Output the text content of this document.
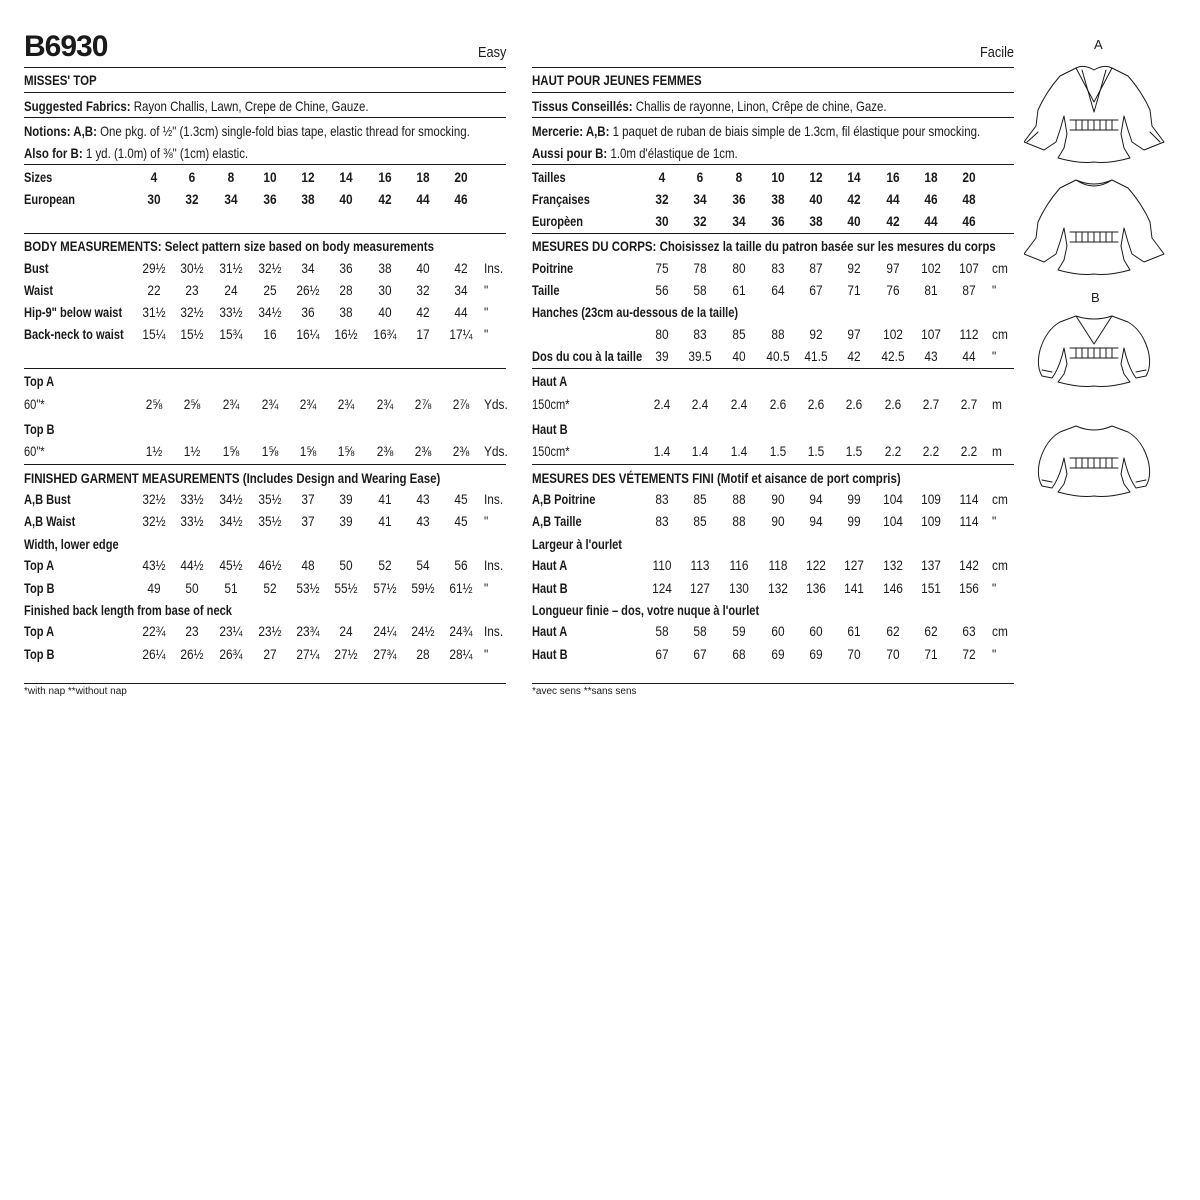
B6930	Easy
MISSES' TOP
Suggested Fabrics: Rayon Challis, Lawn, Crepe de Chine, Gauze.
Notions: A,B: One pkg. of ½" (1.3cm) single-fold bias tape, elastic thread for smocking.
Also for B: 1 yd. (1.0m) of ⅜" (1cm) elastic.
BODY MEASUREMENTS: Select pattern size based on body measurements
FINISHED GARMENT MEASUREMENTS (Includes Design and Wearing Ease)
Sizes	4	6	8	10	12	14	16	18	20
European	30	32	34	36	38	40	42	44	46
Bust	29½	30½	31½	32½	34	36	38	40	42	Ins.
Waist	22	23	24	25	26½	28	30	32	34	"
Hip-9" below waist	31½	32½	33½	34½	36	38	40	42	44	"
Back-neck to waist	15¼	15½	15¾	16	16¼	16½	16¾	17	17¼ "
Top A
60"*	2⅝	2⅝	2¾	2¾	2¾	2¾	2¾	2⅞	2⅞	Yds.
Top B
60"*	1½	1½	1⅝	1⅝	1⅝	1⅝	2⅜	2⅜	2⅜	Yds.
A,B Bust	32½	33½	34½	35½	37	39	41	43	45	Ins.
A,B Waist	32½	33½	34½	35½	37	39	41	43	45	"
Width, lower edge
Top A	43½	44½	45½	46½	48	50	52	54	56	Ins.
Top B	49	50	51	52	53½	55½	57½	59½	61½ "
Finished back length from base of neck
Top A	22¾	23	23¼	23½	23¾	24	24¼	24½	24¾ Ins.
Top B	26¼	26½	26¾	27	27¼	27½	27¾	28	28¼ "
*with nap **without nap
Facile
HAUT POUR JEUNES FEMMES
Tissus Conseillés: Challis de rayonne, Linon, Crêpe de chine, Gaze.
Mercerie: A,B: 1 paquet de ruban de biais simple de 1.3cm, fil élastique pour smocking.
Aussi pour B: 1.0m d'élastique de 1cm.
MESURES DU CORPS: Choisissez la taille du patron basée sur les mesures du corps
MESURES DES VÉTEMENTS FINI (Motif et aisance de port compris)
Tailles	4	6	8	10	12	14	16	18	20
Françaises	32	34	36	38	40	42	44	46	48
Europèen	30	32	34	36	38	40	42	44	46
Poitrine	75	78	80	83	87	92	97	102	107 cm
Taille	56	58	61	64	67	71	76	81	87	"
Hanches (23cm au-dessous de la taille)
80	83	85	88	92	97	102	107	112	cm
Dos du cou à la taille 39	39.5	40	40.5	41.5	42	42.5	43	44	"
Haut A
150cm*	2.4	2.4	2.4	2.6	2.6	2.6	2.6	2.7	2.7	m
Haut B
150cm*	1.4	1.4	1.4	1.5	1.5	1.5	2.2	2.2	2.2	m
A,B Poitrine	83	85	88	90	94	99	104	109	114	cm
A,B Taille	83	85	88	90	94	99	104	109	114	"
Largeur à l'ourlet
Haut A	110	113	116	118	122	127	132	137	142 cm
Haut B	124	127	130	132	136	141	146	151	156 "
Longueur finie – dos, votre nuque à l'ourlet
Haut A	58	58	59	60	60	61	62	62	63	cm
Haut B	67	67	68	69	69	70	70	71	72	"
*avec sens **sans sens
A
B
